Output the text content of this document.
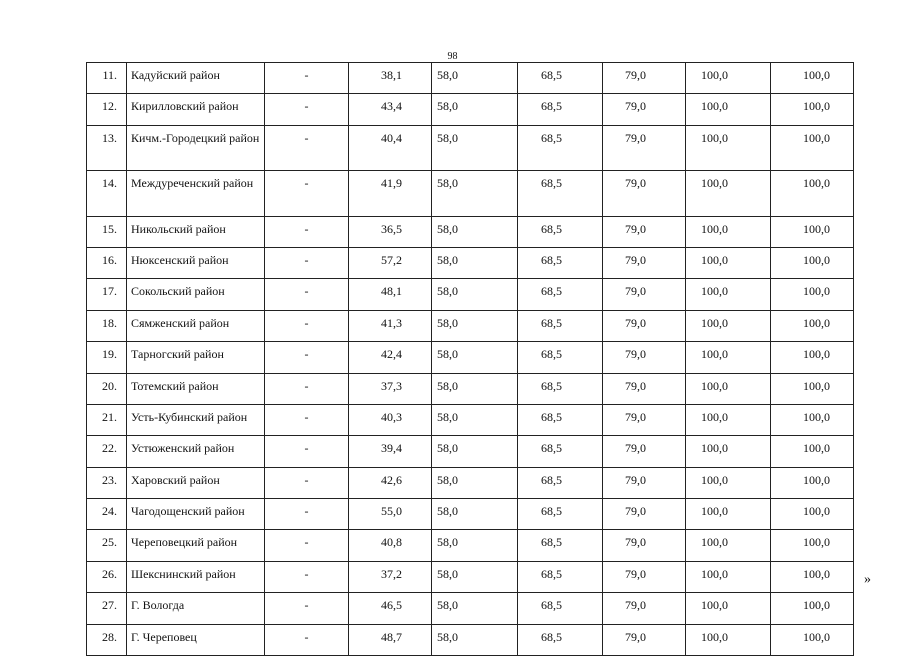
98
11.	Кадуйский район	-	38,1	58,0	68,5	79,0	100,0	100,0
12.	Кирилловский район	-	43,4	58,0	68,5	79,0	100,0	100,0
13.	Кичм.-Городецкий район	-	40,4	58,0	68,5	79,0	100,0	100,0
14.	Междуреченский район	-	41,9	58,0	68,5	79,0	100,0	100,0
15.	Никольский район	-	36,5	58,0	68,5	79,0	100,0	100,0
16.	Нюксенский район	-	57,2	58,0	68,5	79,0	100,0	100,0
17.	Сокольский район	-	48,1	58,0	68,5	79,0	100,0	100,0
18.	Сямженский район	-	41,3	58,0	68,5	79,0	100,0	100,0
19.	Тарногский район	-	42,4	58,0	68,5	79,0	100,0	100,0
20.	Тотемский район	-	37,3	58,0	68,5	79,0	100,0	100,0
21.	Усть-Кубинский район	-	40,3	58,0	68,5	79,0	100,0	100,0
22.	Устюженский район	-	39,4	58,0	68,5	79,0	100,0	100,0
23.	Харовский район	-	42,6	58,0	68,5	79,0	100,0	100,0
24.	Чагодощенский район	-	55,0	58,0	68,5	79,0	100,0	100,0
25.	Череповецкий район	-	40,8	58,0	68,5	79,0	100,0	100,0
26.	Шекснинский район	-	37,2	58,0	68,5	79,0	100,0	100,0
27.	Г. Вологда	-	46,5	58,0	68,5	79,0	100,0	100,0
28.	Г. Череповец	-	48,7	58,0	68,5	79,0	100,0	100,0
»
